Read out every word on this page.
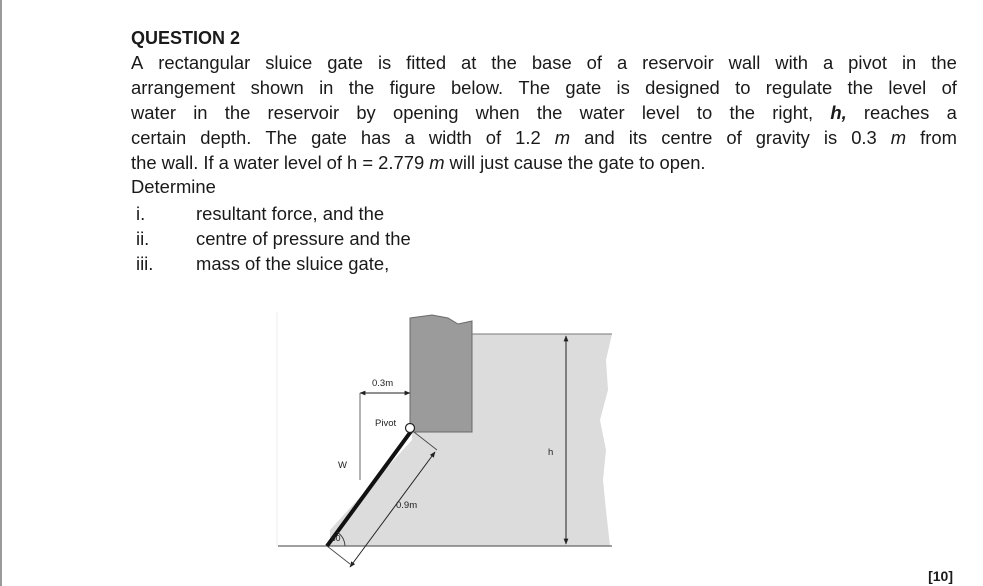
QUESTION 2
A rectangular sluice gate is fitted at the base of a reservoir wall with a pivot in the
arrangement shown in the figure below. The gate is designed to regulate the level of
water in the reservoir by opening when the water level to the right, h, reaches a
certain depth. The gate has a width of 1.2 m and its centre of gravity is 0.3 m from
the wall. If a water level of h = 2.779 m will just cause the gate to open.
Determine
i.	resultant force, and the
ii.	centre of pressure and the
iii.	mass of the sluice gate,
0.3m
Pivot
W
h
0.9m
60
[10]
